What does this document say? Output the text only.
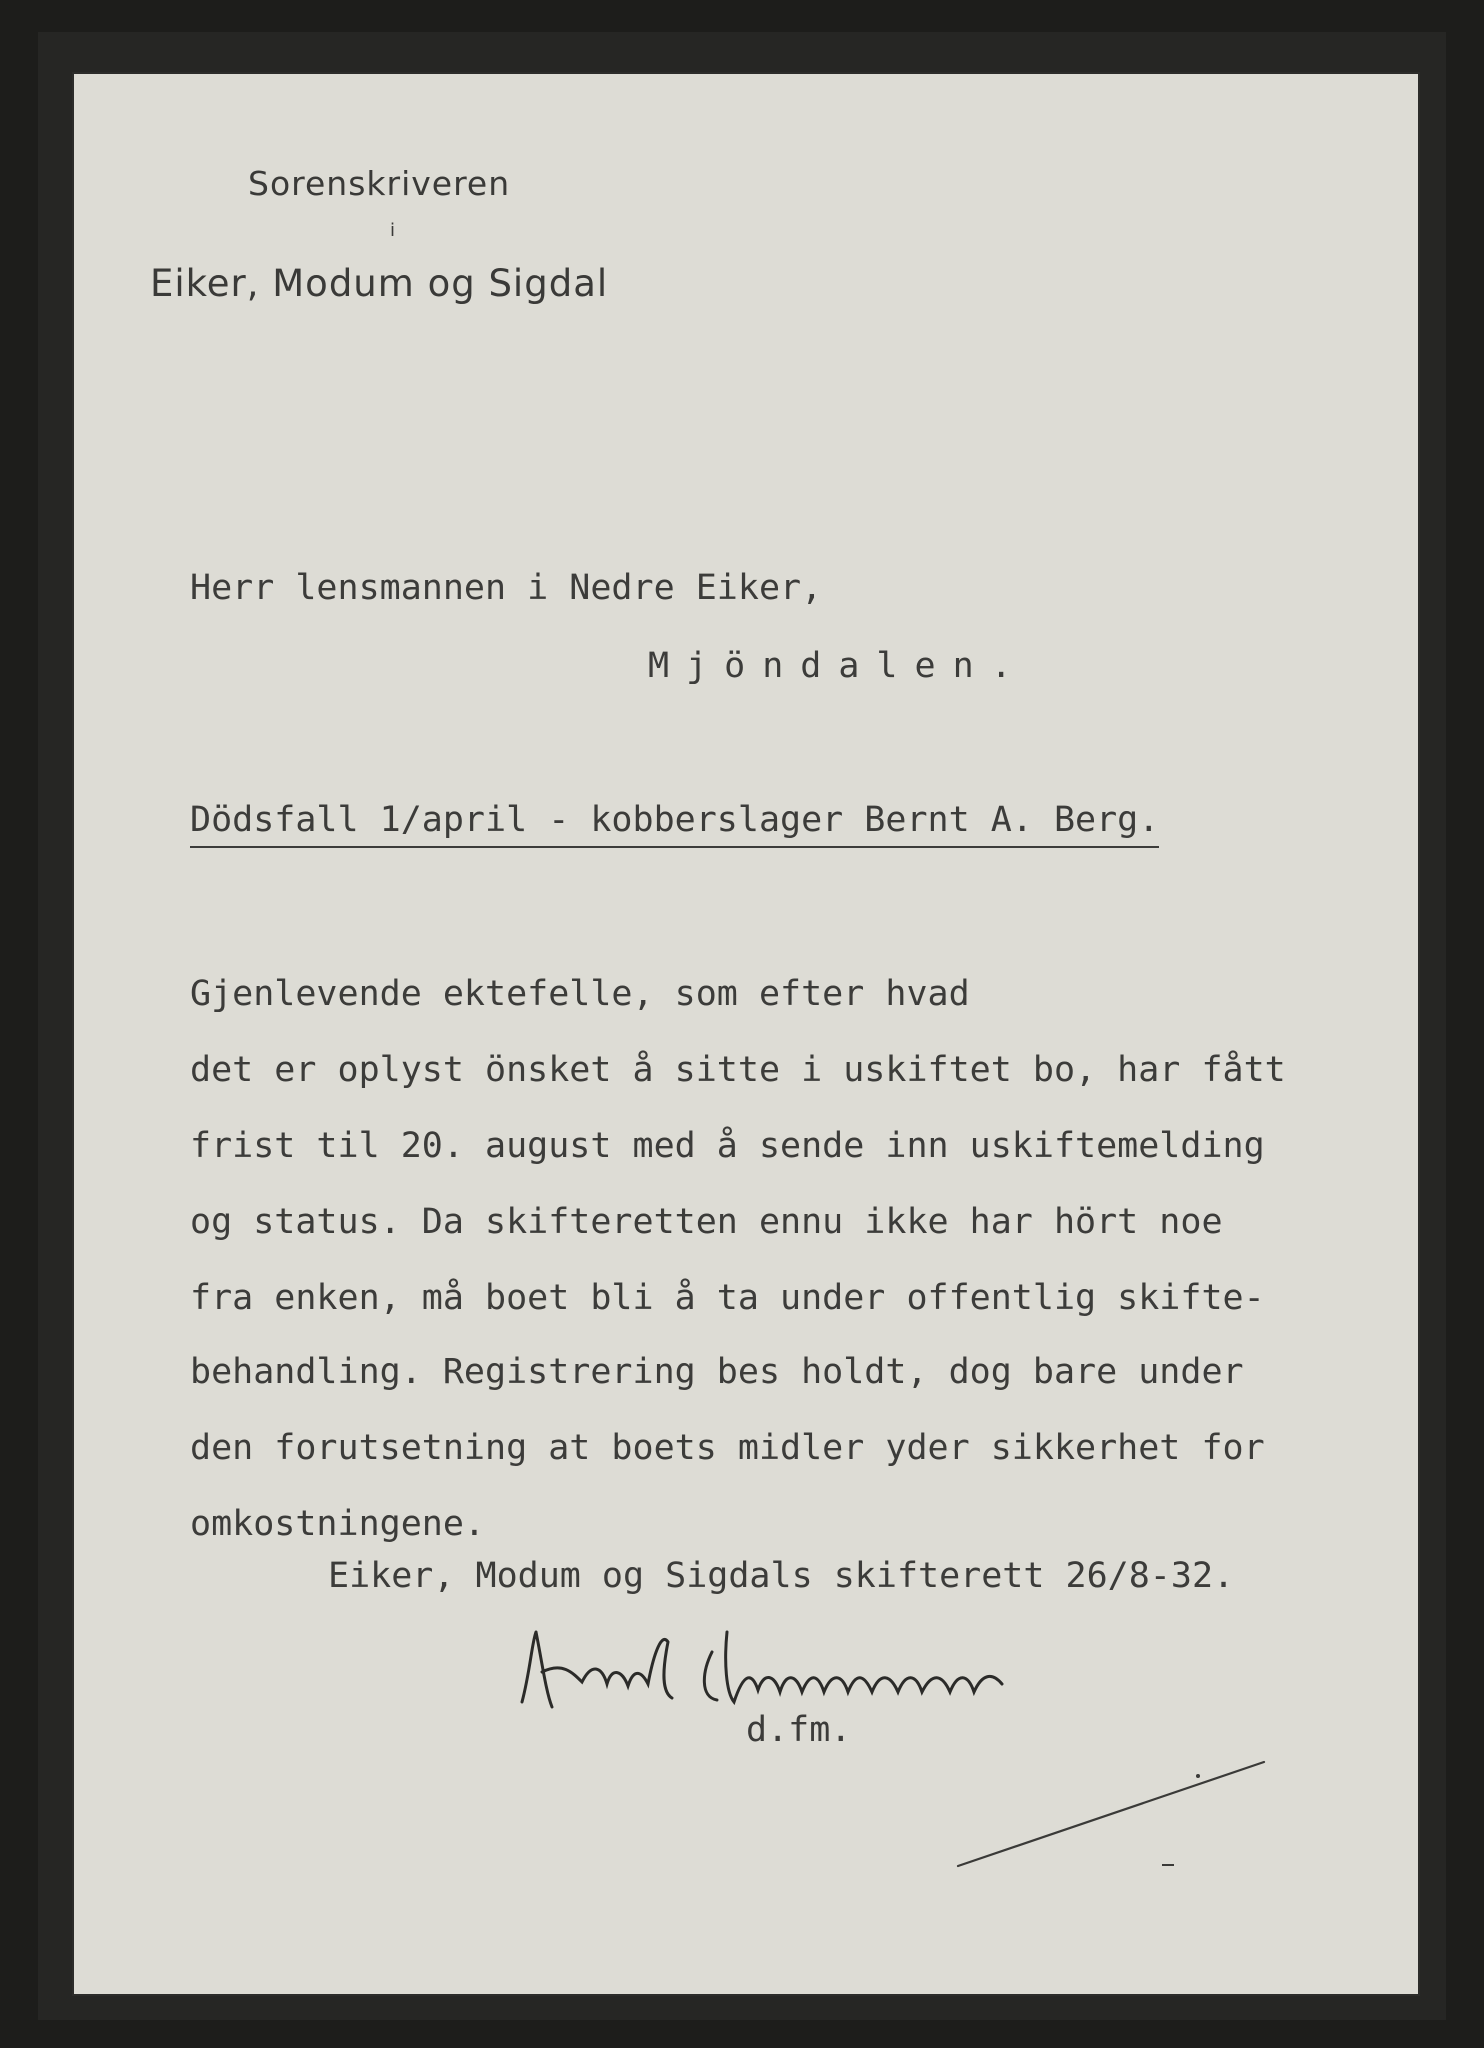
Sorenskriveren
i
Eiker, Modum og Sigdal
Herr lensmannen i Nedre Eiker,
Mjöndalen.
Dödsfall 1/april - kobberslager Bernt A. Berg.
Gjenlevende ektefelle, som efter hvad
det er oplyst önsket å sitte i uskiftet bo, har fått
frist til 20. august med å sende inn uskiftemelding
og status. Da skifteretten ennu ikke har hört noe
fra enken, må boet bli å ta under offentlig skifte-
behandling. Registrering bes holdt, dog bare under
den forutsetning at boets midler yder sikkerhet for
omkostningene.
Eiker, Modum og Sigdals skifterett 26/8-32.
d.fm.
